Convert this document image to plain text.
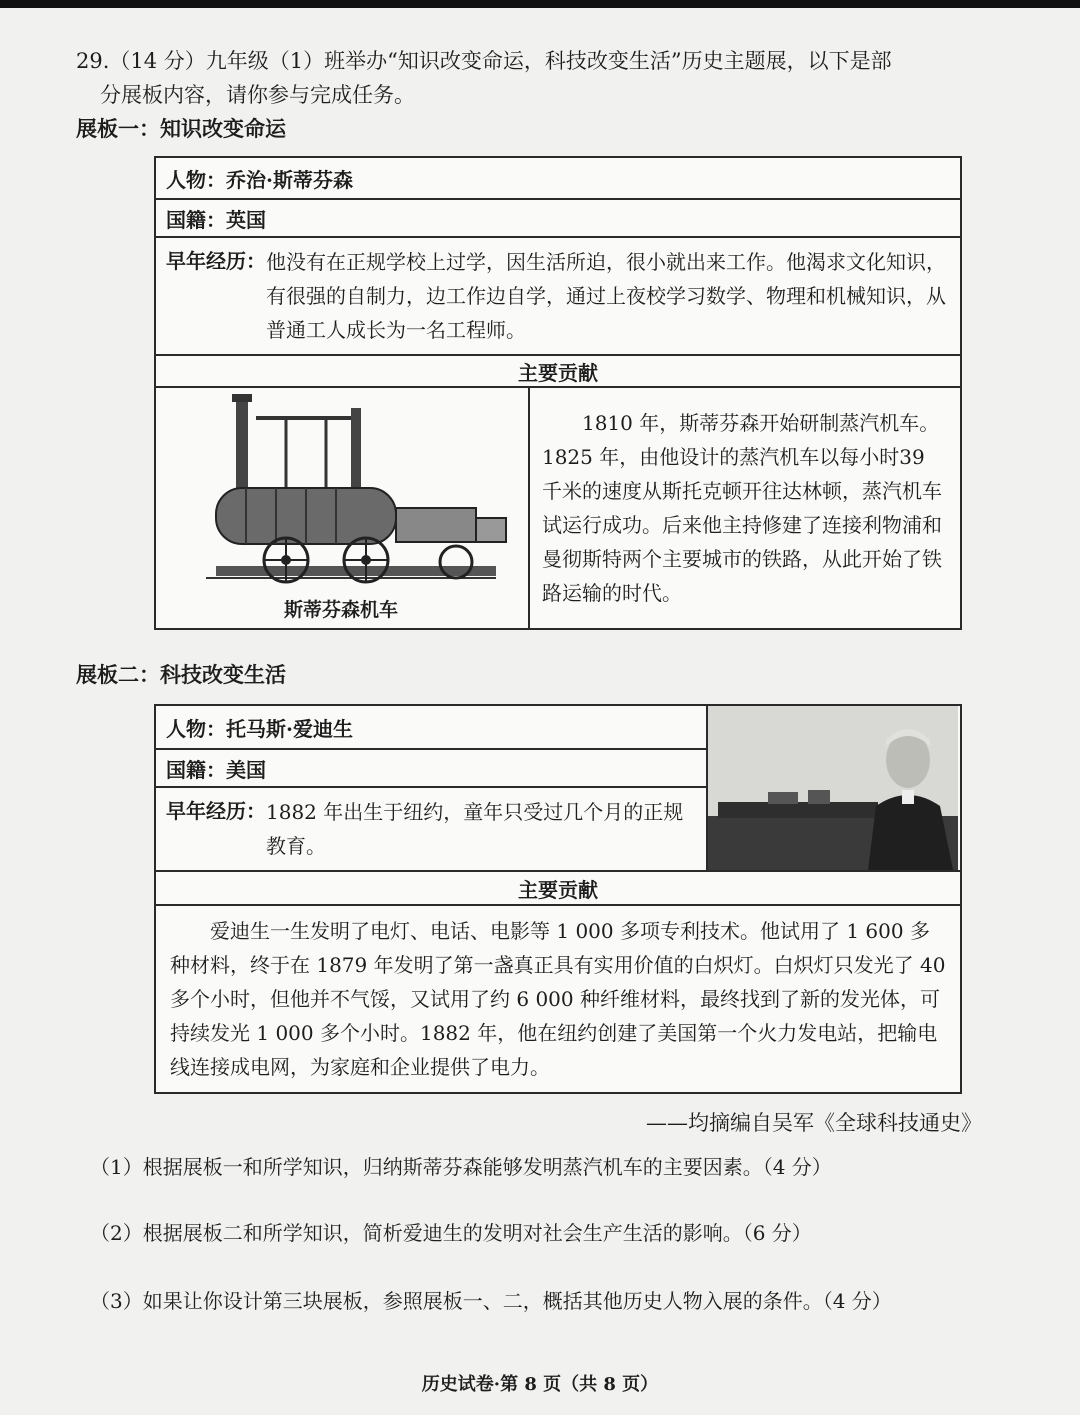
29.（14 分）九年级（1）班举办“知识改变命运，科技改变生活”历史主题展，以下是部
分展板内容，请你参与完成任务。
展板一：知识改变命运
人物：乔治·斯蒂芬森
国籍：英国

早年经历： 他没有在正规学校上过学，因生活所迫，很小就出来工作。他渴求文化知识，有很强的自制力，边工作边自学，通过上夜校学习数学、物理和机械知识，从普通工人成长为一名工程师。

主要贡献

斯蒂芬森机车

1810 年，斯蒂芬森开始研制蒸汽机车。1825 年，由他设计的蒸汽机车以每小时39 千米的速度从斯托克顿开往达林顿，蒸汽机车试运行成功。后来他主持修建了连接利物浦和曼彻斯特两个主要城市的铁路，从此开始了铁路运输的时代。
展板二：科技改变生活
人物：托马斯·爱迪生	

国籍：美国

早年经历： 1882 年出生于纽约，童年只受过几个月的正规教育。

主要贡献

爱迪生一生发明了电灯、电话、电影等 1 000 多项专利技术。他试用了 1 600 多种材料，终于在 1879 年发明了第一盏真正具有实用价值的白炽灯。白炽灯只发光了 40 多个小时，但他并不气馁，又试用了约 6 000 种纤维材料，最终找到了新的发光体，可持续发光 1 000 多个小时。1882 年，他在纽约创建了美国第一个火力发电站，把输电线连接成电网，为家庭和企业提供了电力。
——均摘编自吴军《全球科技通史》
（1）根据展板一和所学知识，归纳斯蒂芬森能够发明蒸汽机车的主要因素。（4 分）
（2）根据展板二和所学知识，简析爱迪生的发明对社会生产生活的影响。（6 分）
（3）如果让你设计第三块展板，参照展板一、二，概括其他历史人物入展的条件。（4 分）
历史试卷·第 8 页（共 8 页）
